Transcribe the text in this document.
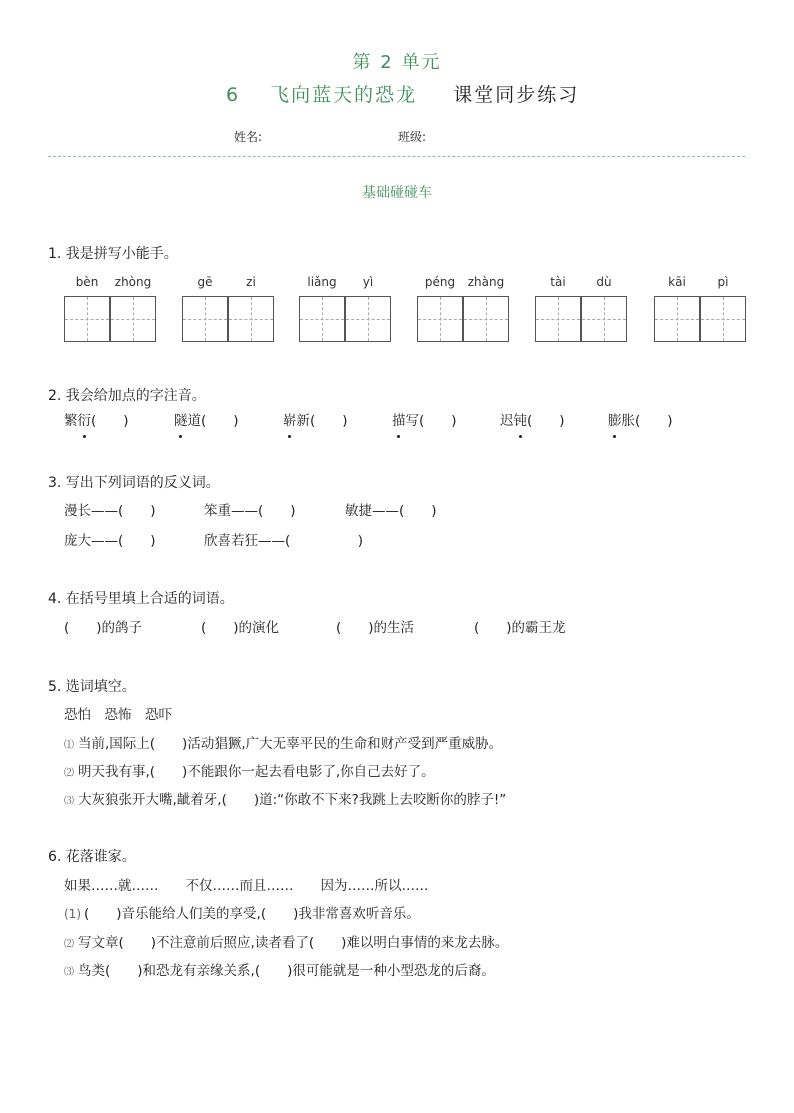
第 2 单元
6 飞向蓝天的恐龙 课堂同步练习
姓名:	班级:
基础碰碰车
1. 我是拼写小能手。
bèn	zhòng	gē	zi	liǎng	yì	péng	zhàng	tài	dù	kāi	pì
2. 我会给加点的字注音。
繁衍
(　　)	隧
道(　　)	崭
新(　　)	描
写(　　)	迟钝
(　　)	膨
胀(　　)
3. 写出下列词语的反义词。
漫长——(　　)	笨重——(　　)	敏捷——(　　)
庞大——(　　)	欣喜若狂——(　　　　　)
4. 在括号里填上合适的词语。
(　　)的鸽子	(　　)的演化	(　　)的生活	(　　)的霸王龙
5. 选词填空。
恐怕　恐怖　恐吓
⑴ 当前,国际上(　　)活动猖獗,广大无辜平民的生命和财产受到严重威胁。
⑵ 明天我有事,(　　)不能跟你一起去看电影了,你自己去好了。
⑶ 大灰狼张开大嘴,龇着牙,(　　)道:“你敢不下来?我跳上去咬断你的脖子!”
6. 花落谁家。
如果……就……　　不仅……而且……　　因为……所以……
(1) (　　)音乐能给人们美的享受,(　　)我非常喜欢听音乐。
⑵ 写文章(　　)不注意前后照应,读者看了(　　)难以明白事情的来龙去脉。
⑶ 鸟类(　　)和恐龙有亲缘关系,(　　)很可能就是一种小型恐龙的后裔。
